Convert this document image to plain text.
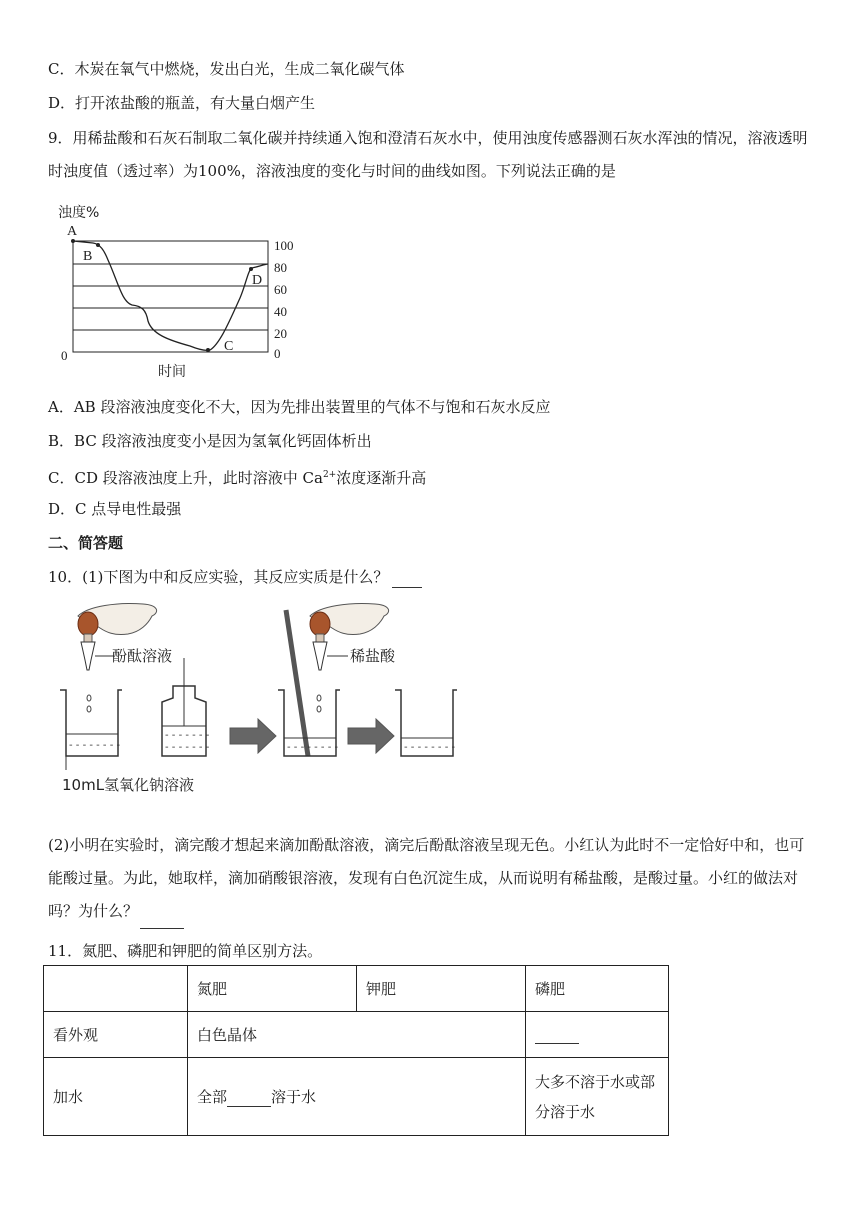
C．木炭在氧气中燃烧，发出白光，生成二氧化碳气体
D．打开浓盐酸的瓶盖，有大量白烟产生
9．用稀盐酸和石灰石制取二氧化碳并持续通入饱和澄清石灰水中，使用浊度传感器测石灰水浑浊的情况，溶液透明时浊度值（透过率）为100%，溶液浊度的变化与时间的曲线如图。下列说法正确的是
浊度%
A
B
C
D
100
80
60
40
20
0
0
时间
A．AB 段溶液浊度变化不大，因为先排出装置里的气体不与饱和石灰水反应
B．BC 段溶液浊度变小是因为氢氧化钙固体析出
C．CD 段溶液浊度上升，此时溶液中 $Ca^{2+}$浓度逐渐升高
D．C 点导电性最强
二、简答题
10．(1)下图为中和反应实验，其反应实质是什么？
酚酞溶液
- - - - - - - -
10mL氢氧化钠溶液
- - - - - - -
- - - - - - -
稀盐酸
- - - - - - - -	- - - - - - - -
(2)小明在实验时，滴完酸才想起来滴加酚酞溶液，滴完后酚酞溶液呈现无色。小红认为此时不一定恰好中和，也可能酸过量。为此，她取样，滴加硝酸银溶液，发现有白色沉淀生成，从而说明有稀盐酸，是酸过量。小红的做法对吗？为什么？
11．氮肥、磷肥和钾肥的简单区别方法。
	氮肥	钾肥	磷肥
看外观	白色晶体		
加水	全部 溶于水		大多不溶于水或部分溶于水
